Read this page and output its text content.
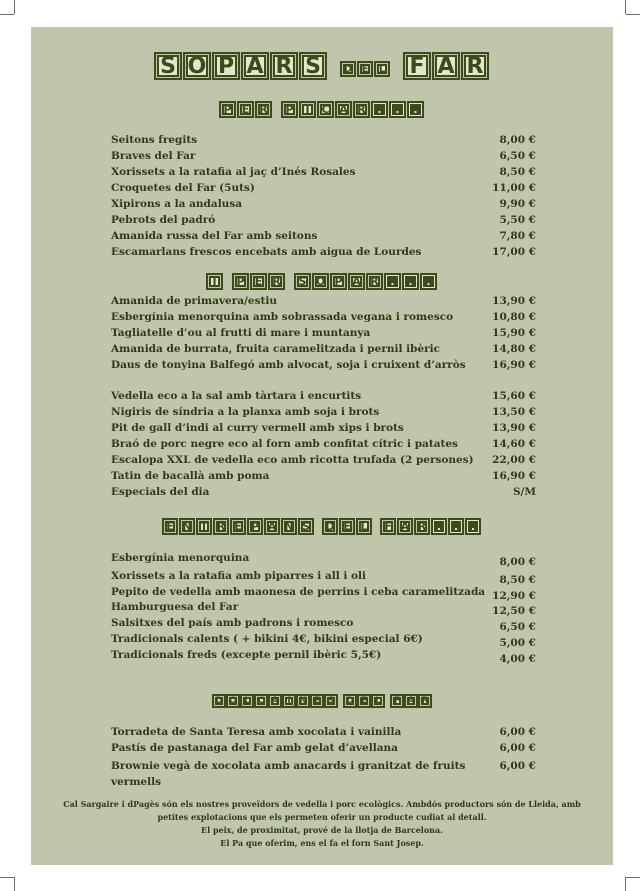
S O P A R S	D E	L F A R
P E R	P	I	C A R	.	.	.
Seitons fregits	8,00 €
Braves del Far	6,50 €
Xorissets a la ratafia al jaç d’Inés Rosales	8,50 €
Croquetes del Far (5uts)	11,00 €
Xipirons a la andalusa	9,90 €
Pebrots del padró	5,50 €
Amanida russa del Far amb seitons	7,80 €
Escamarlans frescos encebats amb aigua de Lourdes	17,00 €
I	P E R	S O P A R	.	.	.
Amanida de primavera/estiu	13,90 €
Esbergínia menorquina amb sobrassada vegana i romesco	10,80 €
Tagliatelle d’ou al frutti di mare i muntanya	15,90 €
Amanida de burrata, fruita caramelitzada i pernil ibèric	14,80 €
Daus de tonyina Balfegó amb alvocat, soja i cruixent d’arròs	16,90 €
Vedella eco a la sal amb tàrtara i encurtits	15,60 €
Nigiris de síndria a la planxa amb soja i brots	13,50 €
Pit de gall d’indi al curry vermell amb xips i brots	13,90 €
Braó de porc negre eco al forn amb confitat cítric i patates	14,60 €
Escalopa XXL de vedella eco amb ricotta trufada (2 persones) 22,00 €
Tatin de bacallà amb poma	16,90 €
Especials del dia	S/M
E N T R E P A N S	D E L	F A R .	.	.
Esbergínia menorquina	8,00 €
Xorissets a la ratafia amb piparres i all i oli	8,50 €
Pepito de vedella amb maonesa de perrins i ceba caramelitzada 12,90 €
Hamburguesa del Far	12,50 €
Salsitxes del país amb padrons i romesco	6,50 €
Tradicionals calents ( + bikini 4€, bikini especial 6€)	5,00 €
Tradicionals freds (excepte pernil ibèric 5,5€)	4,00 €
D O L Ç A I N E S	D E L	F A R
Torradeta de Santa Teresa amb xocolata i vainilla	6,00 €
Pastís de pastanaga del Far amb gelat d’avellana	6,00 €
Brownie vegà de xocolata amb anacards i granitzat de fruits vermells
6,00 €
Cal Sargaire i dPagès són els nostres proveïdors de vedella i porc ecològics. Ambdós productors són de Lleida, amb
petites explotacions que els permeten oferir un producte cudiat al detall.
El peix, de proximitat, prové de la llotja de Barcelona.
El Pa que oferim, ens el fa el forn Sant Josep.
